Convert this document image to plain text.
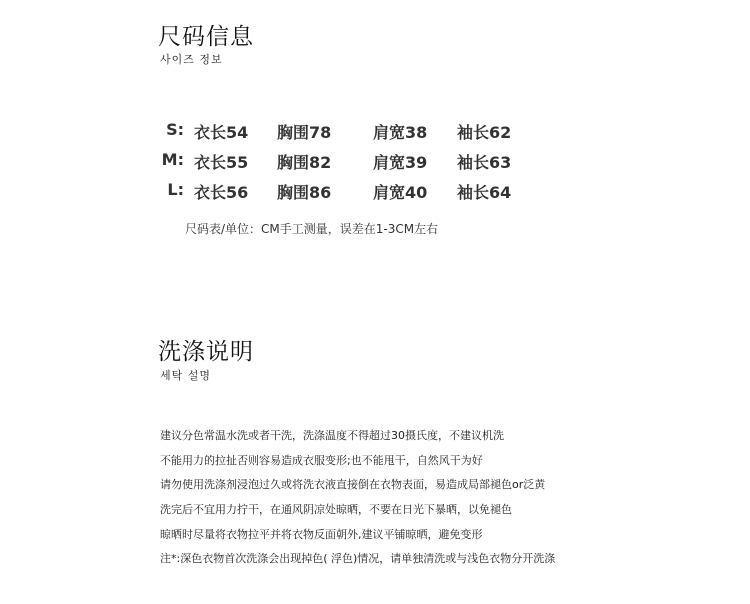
尺码信息
사이즈 정보
S: 衣长54 胸围78	肩宽38 袖长62
M: 衣长55 胸围82	肩宽39 袖长63
L: 衣长56 胸围86	肩宽40 袖长64
尺码表/单位：CM手工测量，误差在1-3CM左右
洗涤说明
세탁 설명
建议分色常温水洗或者干洗，洗涤温度不得超过30摄氏度，不建议机洗
不能用力的拉扯否则容易造成衣服变形;也不能甩干，自然风干为好
请勿使用洗涤剂浸泡过久或将洗衣液直接倒在衣物表面，易造成局部褪色or泛黄
洗完后不宜用力拧干，在通风阴凉处晾晒，不要在日光下暴晒，以免褪色
晾晒时尽量将衣物拉平并将衣物反面朝外,建议平铺晾晒，避免变形
注*:深色衣物首次洗涤会出现掉色( 浮色)情况，请单独清洗或与浅色衣物分开洗涤
